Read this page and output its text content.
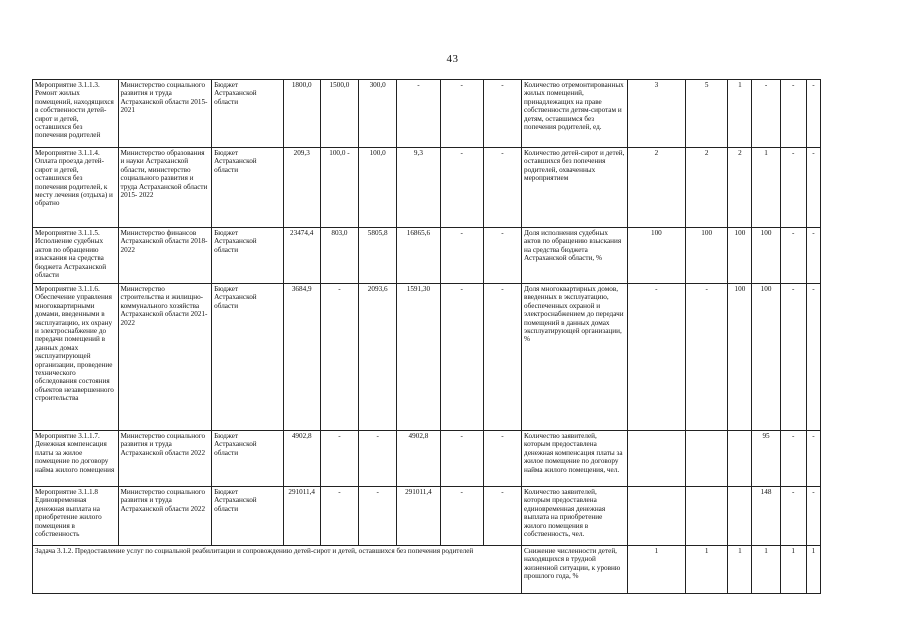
43
Мероприятие 3.1.1.3. Ремонт жилых помещений, находящихся в собственности детей-сирот и детей, оставшихся без попечения родителей	Министерство социального развития и труда Астраханской области 2015-2021	Бюджет Астраханской области	1800,0	1500,0	300,0	-	-	-	Количество отремонтированных жилых помещений, принадлежащих на праве собственности детям-сиротам и детям, оставшимся без попечения родителей, ед.	3	5	1	-	-	-
Мероприятие 3.1.1.4. Оплата проезда детей-сирот и детей, оставшихся без попечения родителей, к месту лечения (отдыха) и обратно	Министерство образования и науки Астраханской области, министерство социального развития и труда Астраханской области 2015- 2022	Бюджет Астраханской области	209,3	100,0 -	100,0	9,3	-	-	Количество детей-сирот и детей, оставшихся без попечения родителей, охваченных мероприятием	2	2	2	1	-	-
Мероприятие 3.1.1.5. Исполнение судебных актов по обращению взыскания на средства бюджета Астраханской области	Министерство финансов Астраханской области 2018-2022	Бюджет Астраханской области	23474,4	803,0	5805,8	16865,6	-	-	Доля исполнения судебных актов по обращению взыскания на средства бюджета Астраханской области, %	100	100	100	100	-	-
Мероприятие 3.1.1.6. Обеспечение управления многоквартирными домами, введенными в эксплуатацию, их охрану и электроснабжение до передачи помещений в данных домах эксплуатирующей организации, проведение технического обследования состояния объектов незавершенного строительства	Министерство строительства и жилищно-коммунального хозяйства Астраханской области 2021-2022	Бюджет Астраханской области	3684,9	-	2093,6	1591,30	-	-	Доля многоквартирных домов, введенных в эксплуатацию, обеспеченных охраной и электроснабжением до передачи помещений в данных домах эксплуатирующей организации, %	-	-	100	100	-	-
Мероприятие 3.1.1.7. Денежная компенсация платы за жилое помещение по договору найма жилого помещения	Министерство социального развития и труда Астраханской области 2022	Бюджет Астраханской области	4902,8	-	-	4902,8	-	-	Количество заявителей, которым предоставлена денежная компенсация платы за жилое помещение по договору найма жилого помещения, чел.				95	-	-
Мероприятие 3.1.1.8 Единовременная денежная выплата на приобретение жилого помещения в собственность	Министерство социального развития и труда Астраханской области 2022	Бюджет Астраханской области	291011,4	-	-	291011,4	-	-	Количество заявителей, которым предоставлена единовременная денежная выплата на приобретение жилого помещения в собственность, чел.				148	-	-
Задача 3.1.2. Предоставление услуг по социальной реабилитации и сопровождению детей-сирот и детей, оставшихся без попечения родителей									Снижение численности детей, находящихся в трудной жизненной ситуации, к уровню прошлого года, %	1	1	1	1	1	1
